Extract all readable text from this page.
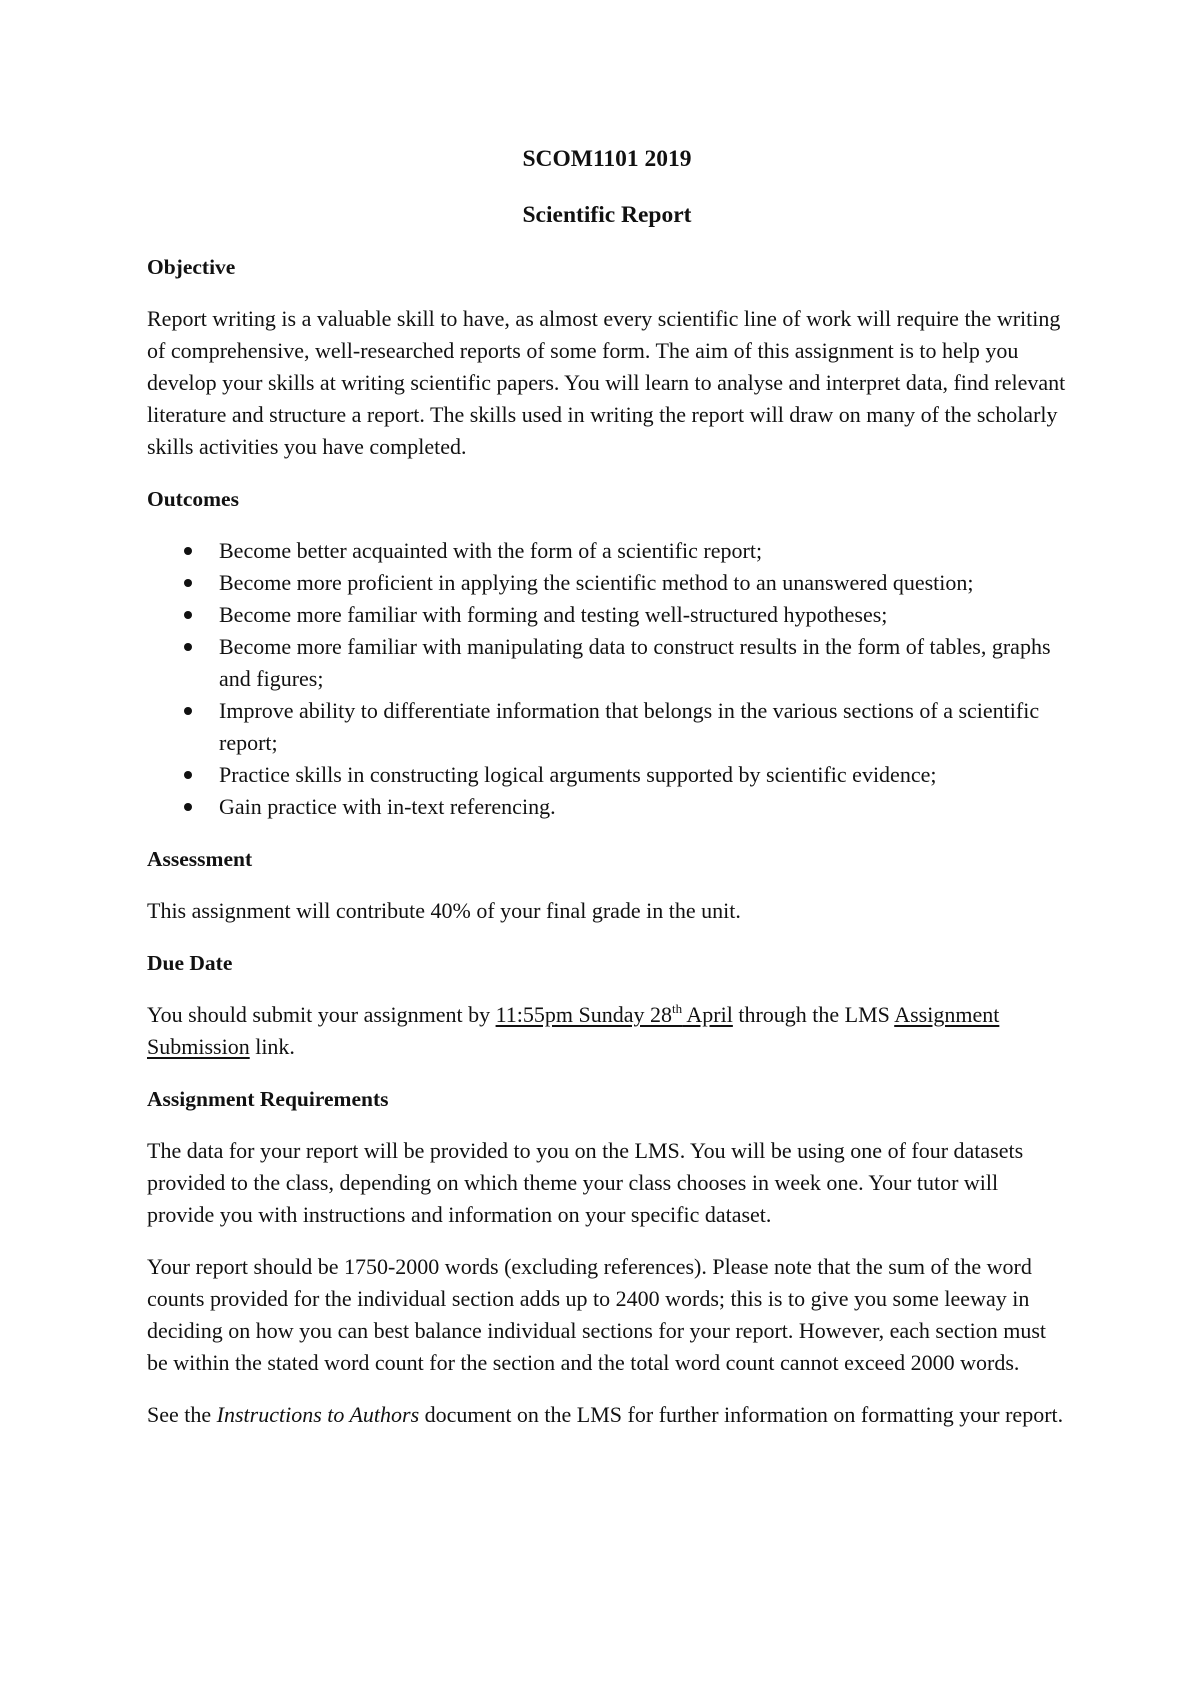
SCOM1101 2019

Scientific Report

Objective

Report writing is a valuable skill to have, as almost every scientific line of work will require the writing of comprehensive, well-researched reports of some form. The aim of this assignment is to help you develop your skills at writing scientific papers. You will learn to analyse and interpret data, find relevant literature and structure a report. The skills used in writing the report will draw on many of the scholarly skills activities you have completed.

Outcomes

Become better acquainted with the form of a scientific report;
Become more proficient in applying the scientific method to an unanswered question;
Become more familiar with forming and testing well-structured hypotheses;
Become more familiar with manipulating data to construct results in the form of tables, graphs and figures;
Improve ability to differentiate information that belongs in the various sections of a scientific report;
Practice skills in constructing logical arguments supported by scientific evidence;
Gain practice with in-text referencing.

Assessment

This assignment will contribute 40% of your final grade in the unit.

Due Date

You should submit your assignment by 11:55pm Sunday 28th April through the LMS Assignment Submission link.

Assignment Requirements

The data for your report will be provided to you on the LMS. You will be using one of four datasets provided to the class, depending on which theme your class chooses in week one. Your tutor will provide you with instructions and information on your specific dataset.

Your report should be 1750-2000 words (excluding references). Please note that the sum of the word counts provided for the individual section adds up to 2400 words; this is to give you some leeway in deciding on how you can best balance individual sections for your report. However, each section must be within the stated word count for the section and the total word count cannot exceed 2000 words.

See the Instructions to Authors document on the LMS for further information on formatting your report.
